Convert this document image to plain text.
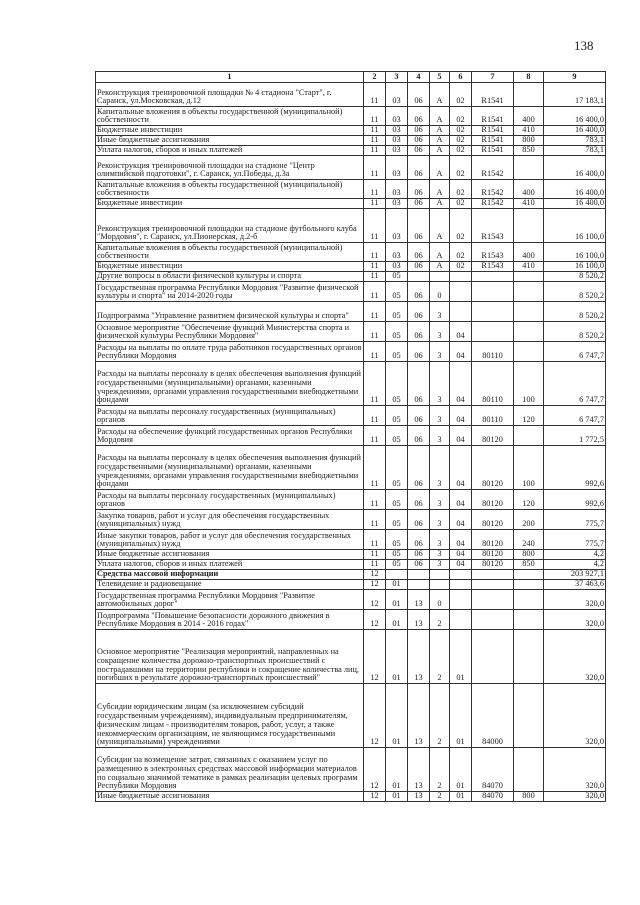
138
1	2	3	4	5	6	7	8	9
Реконструкция тренировочной площадки № 4 стадиона "Старт", г. Саранск, ул.Московская, д.12	11	03	06	А	02	R1541		17 183,1
Капитальные вложения в объекты государственной (муниципальной) собственности	11	03	06	А	02	R1541	400	16 400,0
Бюджетные инвестиции	11	03	06	А	02	R1541	410	16 400,0
Иные бюджетные ассигнования	11	03	06	А	02	R1541	800	783,1
Уплата налогов, сборов и иных платежей	11	03	06	А	02	R1541	850	783,1
Реконструкция тренировочной площадки на стадионе "Центр олимпийской подготовки", г. Саранск, ул.Победы, д.3а	11	03	06	А	02	R1542		16 400,0
Капитальные вложения в объекты государственной (муниципальной) собственности	11	03	06	А	02	R1542	400	16 400,0
Бюджетные инвестиции	11	03	06	А	02	R1542	410	16 400,0
Реконструкция тренировочной площадки на стадионе футбольного клуба "Мордовия", г. Саранск, ул.Пионерская, д.2-б	11	03	06	А	02	R1543		16 100,0
Капитальные вложения в объекты государственной (муниципальной) собственности	11	03	06	А	02	R1543	400	16 100,0
Бюджетные инвестиции	11	03	06	А	02	R1543	410	16 100,0
Другие вопросы в области физической культуры и спорта	11	05						8 520,2
Государственная программа Республики Мордовия "Развитие физической культуры и спорта" на 2014-2020 годы	11	05	06	0				8 520,2
Подпрограмма "Управление развитием физической культуры и спорта"	11	05	06	3				8 520,2
Основное мероприятие "Обеспечение функций Министерства спорта и физической культуры Республики Мордовия"	11	05	06	3	04			8 520,2
Расходы на выплаты по оплате труда работников государственных органов Республики Мордовия	11	05	06	3	04	80110		6 747,7
Расходы на выплаты персоналу в целях обеспечения выполнения функций государственными (муниципальными) органами, казенными учреждениями, органами управления государственными внебюджетными фондами	11	05	06	3	04	80110	100	6 747,7
Расходы на выплаты персоналу государственных (муниципальных) органов	11	05	06	3	04	80110	120	6 747,7
Расходы на обеспечение функций государственных органов Республики Мордовия	11	05	06	3	04	80120		1 772,5
Расходы на выплаты персоналу в целях обеспечения выполнения функций государственными (муниципальными) органами, казенными учреждениями, органами управления государственными внебюджетными фондами	11	05	06	3	04	80120	100	992,6
Расходы на выплаты персоналу государственных (муниципальных) органов	11	05	06	3	04	80120	120	992,6
Закупка товаров, работ и услуг для обеспечения государственных (муниципальных) нужд	11	05	06	3	04	80120	200	775,7
Иные закупки товаров, работ и услуг для обеспечения государственных (муниципальных) нужд	11	05	06	3	04	80120	240	775,7
Иные бюджетные ассигнования	11	05	06	3	04	80120	800	4,2
Уплата налогов, сборов и иных платежей	11	05	06	3	04	80120	850	4,2
Средства массовой информации	12							203 927,1
Телевидение и радиовещание	12	01						37 463,6
Государственная программа Республики Мордовия "Развитие автомобильных дорог"	12	01	13	0				320,0
Подпрограмма "Повышение безопасности дорожного движения в Республике Мордовия в 2014 - 2016 годах"	12	01	13	2				320,0
Основное мероприятие "Реализация мероприятий, направленных на сокращение количества дорожно-транспортных происшествий с пострадавшими на территории республики и сокращение количества лиц, погибших в результате дорожно-транспортных происшествий"	12	01	13	2	01			320,0
Субсидии юридическим лицам (за исключением субсидий государственным учреждениям), индивидуальным предпринимателям, физическим лицам - производителям товаров, работ, услуг, а также некоммерческим организациям, не являющимся государственными (муниципальными) учреждениями	12	01	13	2	01	84000		320,0
Субсидии на возмещение затрат, связанных с оказанием услуг по размещению в электронных средствах массовой информации материалов по социально значимой тематике в рамках реализации целевых программ Республики Мордовия	12	01	13	2	01	84070		320,0
Иные бюджетные ассигнования	12	01	13	2	01	84070	800	320,0
